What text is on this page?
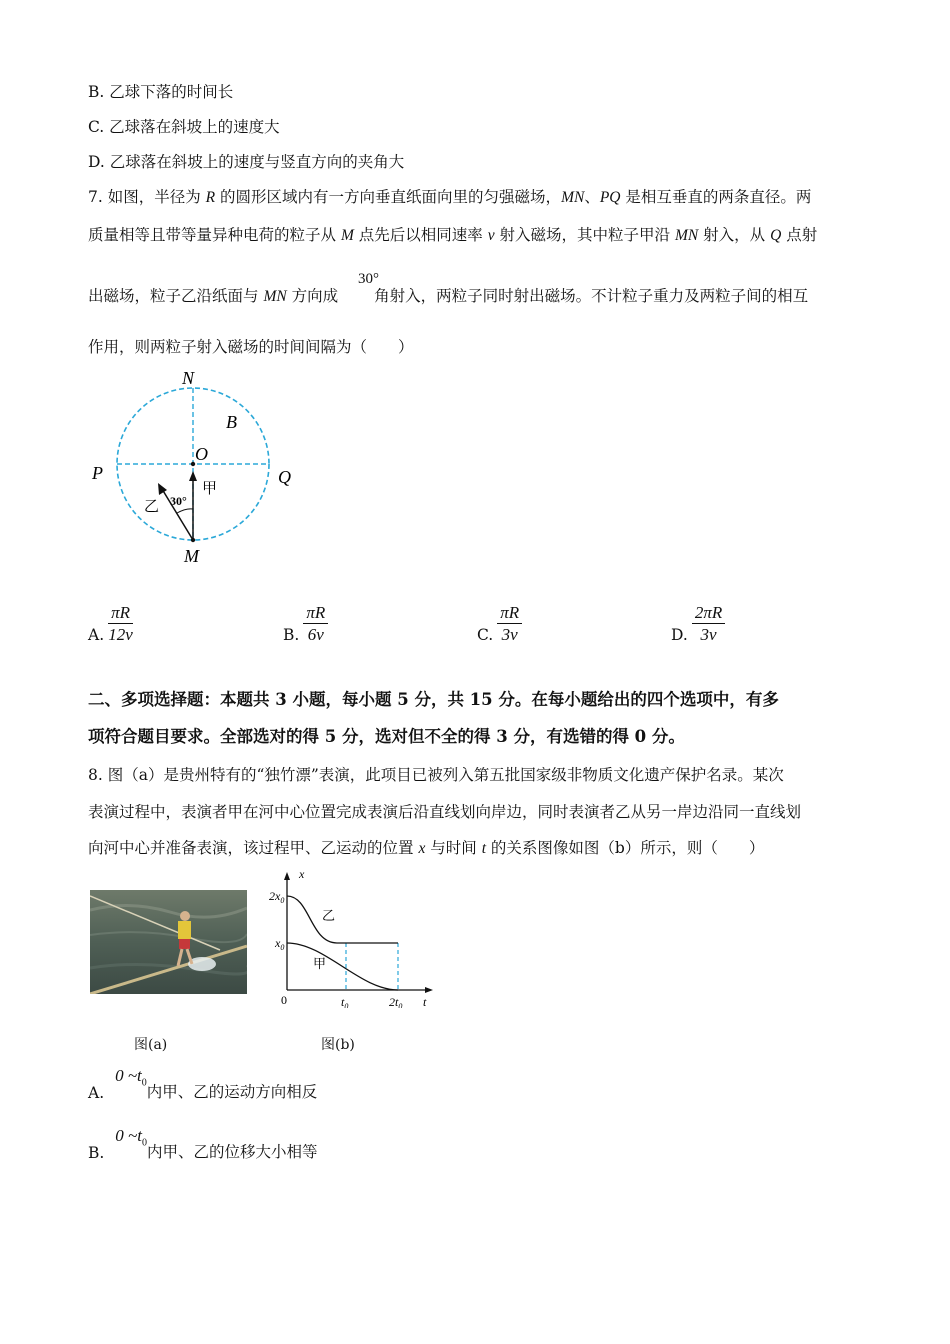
B. 乙球下落的时间长
C. 乙球落在斜坡上的速度大
D. 乙球落在斜坡上的速度与竖直方向的夹角大
7. 如图，半径为 R 的圆形区域内有一方向垂直纸面向里的匀强磁场，MN、PQ 是相互垂直的两条直径。两
质量相等且带等量异种电荷的粒子从 M 点先后以相同速率 v 射入磁场，其中粒子甲沿 MN 射入，从 Q 点射
出磁场，粒子乙沿纸面与 MN 方向成 角射入，两粒子同时射出磁场。不计粒子重力及两粒子间的相互
30°
作用，则两粒子射入磁场的时间间隔为（　　）
N
B
O
P	Q
M
甲
乙 30°
A. $\frac{\pi R}{12v}$	B. $\frac{\pi R}{6v}$	C. $\frac{\pi R}{3v}$	D. $\frac{2\pi R}{3v}$
二、多项选择题：本题共 3 小题，每小题 5 分，共 15 分。在每小题给出的四个选项中，有多
项符合题目要求。全部选对的得 5 分，选对但不全的得 3 分，有选错的得 0 分。
8. 图（a）是贵州特有的“独竹漂”表演，此项目已被列入第五批国家级非物质文化遗产保护名录。某次
表演过程中，表演者甲在河中心位置完成表演后沿直线划向岸边，同时表演者乙从另一岸边沿同一直线划
向河中心并准备表演，该过程甲、乙运动的位置 x 与时间 t 的关系图像如图（b）所示，则（　　）
x
t
0
$2x_0$
$x_0$
$t_0$	$2t_0$
乙
甲
图(a)	图(b)
A. 0 $\sim t_0$内甲、乙的运动方向相反
B. 0 $\sim t_0$内甲、乙的位移大小相等
